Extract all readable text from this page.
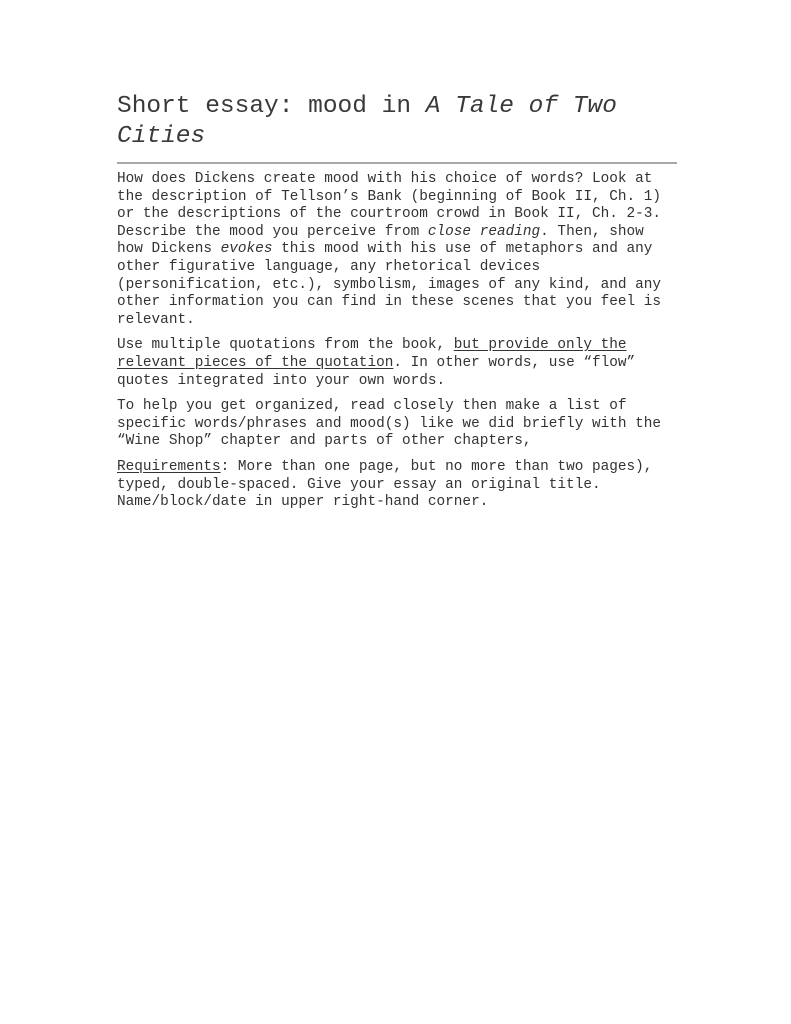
Short essay: mood in A Tale of Two Cities

How does Dickens create mood with his choice of words? Look at the description of Tellson’s Bank (beginning of Book II, Ch. 1) or the descriptions of the courtroom crowd in Book II, Ch. 2-3. Describe the mood you perceive from close reading. Then, show how Dickens evokes this mood with his use of metaphors and any other figurative language, any rhetorical devices (personification, etc.), symbolism, images of any kind, and any other information you can find in these scenes that you feel is relevant.

Use multiple quotations from the book, but provide only the relevant pieces of the quotation. In other words, use “flow” quotes integrated into your own words.

To help you get organized, read closely then make a list of specific words/phrases and mood(s) like we did briefly with the “Wine Shop” chapter and parts of other chapters,

Requirements: More than one page, but no more than two pages), typed, double-spaced. Give your essay an original title. Name/block/date in upper right-hand corner.
